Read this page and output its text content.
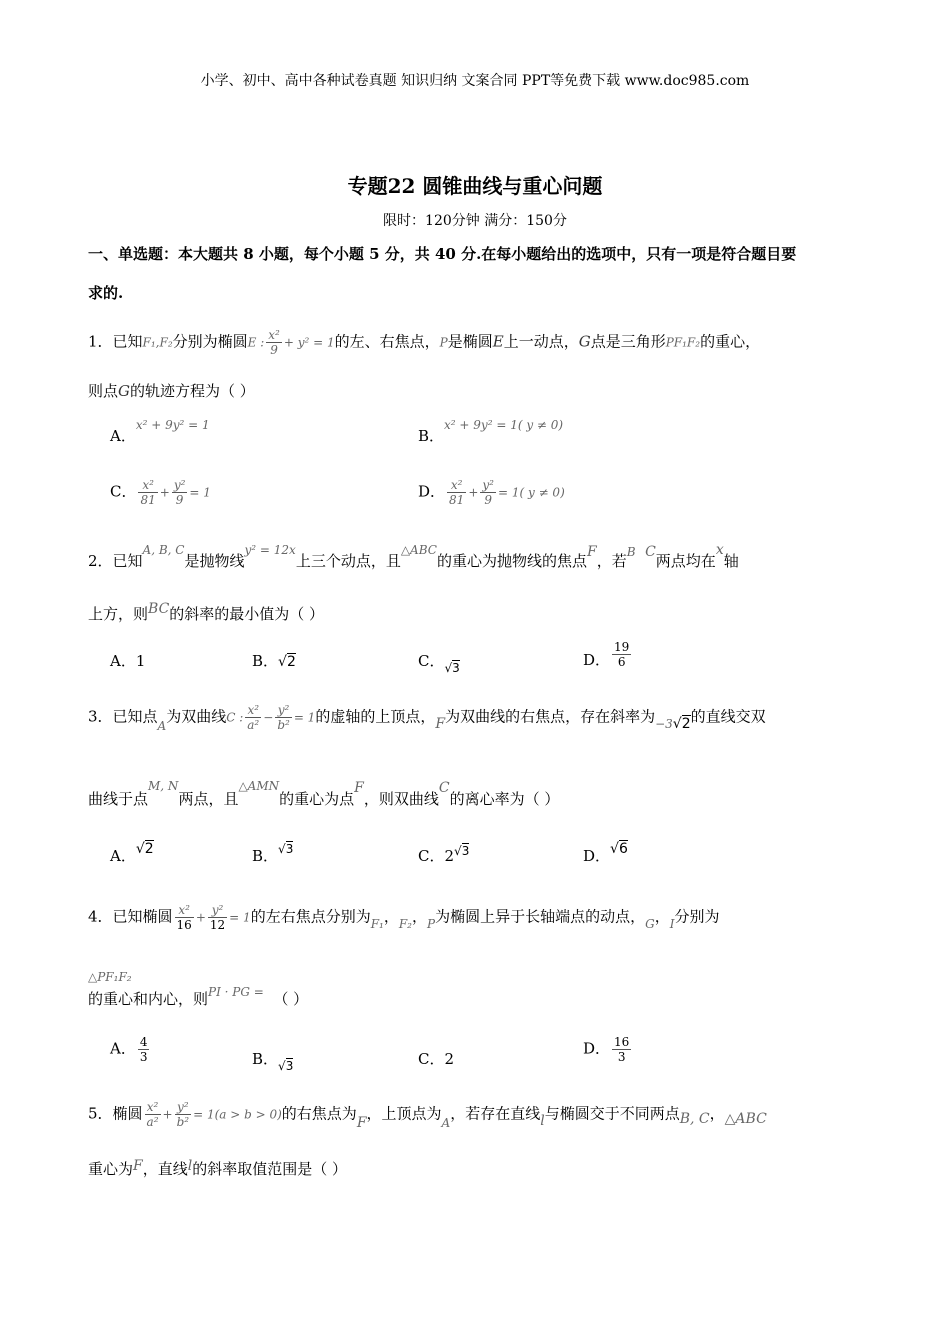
小学、初中、高中各种试卷真题 知识归纳 文案合同 PPT等免费下载 www.doc985.com
专题22 圆锥曲线与重心问题
限时：120分钟 满分：150分
一、单选题：本大题共 8 小题，每个小题 5 分，共 40 分.在每小题给出的选项中，只有一项是符合题目要
求的.
1．已知F₁,F₂分别为椭圆E : $\frac{\text{x²}}{9} + y^2 = 1$的左、右焦点，P是椭圆E上一动点，G点是三角形PF₁F₂的重心，
则点G的轨迹方程为（ ）
A．$^{x^2 + 9y^2 = 1}$
B．$^{x^2 + 9y^2 = 1( y \ne 0)}$
C． $\frac{\text{x²}}{81} + \frac{\text{y²}}{9} = 1$	D． $\frac{\text{x²}}{81} + \frac{\text{y²}}{9} = 1$( y ≠ 0)
2．已知$^{A, B, C}$是抛物线$^{y^2 = 12x}$上三个动点，且$^{\triangle ABC}$的重心为抛物线的焦点F，若$^B$ C两点均在x轴
上方，则BC的斜率的最小值为（ ）
A．1	B．√2	C．$_{√3}$	D． $\frac{19}{6}$
3．已知点$_A$为双曲线C : $\frac{\text{x²}}{\text{a²}} - \frac{\text{y²}}{\text{b²}} = 1$的虚轴的上顶点，F为双曲线的右焦点，存在斜率为$_{-3}$√2的直线交双
曲线于点$^{M, N}$两点，且$^{\triangle AMN}$的重心为点F，则双曲线C的离心率为（ ）
A．√2	B．$^{√3}$	C．$2^{√3}$	D．√6
4．已知椭圆 $\frac{\text{x²}}{16} + \frac{\text{y²}}{12} = 1$的左右焦点分别为$_{F_1}$，$_{F_2}$，$_P$为椭圆上异于长轴端点的动点，$_G$，$_I$分别为
△PF₁F₂
的重心和内心，则$^{PI \cdot PG =}$ （ ）
A． $\frac{4}{3}$	B．$_{√3}$	C．2
D． $\frac{16}{3}$
5．椭圆 $\frac{\text{x²}}{\text{a²}} + \frac{\text{y²}}{\text{b²}} = 1(a > b > 0)$的右焦点为F，上顶点为$_A$，若存在直线l与椭圆交于不同两点B, C，△ABC
重心为F，直线l的斜率取值范围是（ ）
